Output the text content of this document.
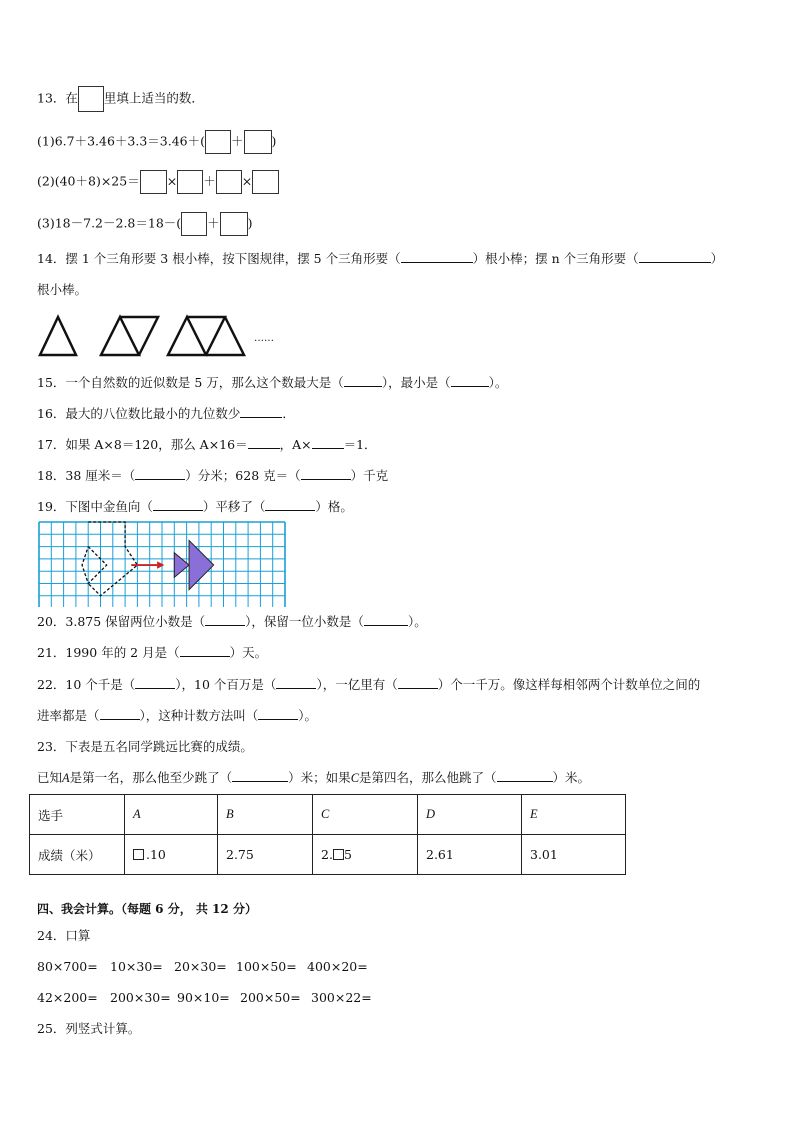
13．在 里填上适当的数．
(1)6.7＋3.46＋3.3＝3.46＋( ＋ )
(2)(40＋8)×25＝ × ＋ ×
(3)18－7.2－2.8＝18－( ＋ )
14．摆 1 个三角形要 3 根小棒，按下图规律，摆 5 个三角形要（	）根小棒；摆 n 个三角形要（	）
根小棒。
……
15．一个自然数的近似数是 5 万，那么这个数最大是（	），最小是（	）。
16．最大的八位数比最小的九位数少	．
17．如果 A×8＝120，那么 A×16＝	，A×	＝1．
18．38 厘米＝（	）分米；628 克＝（	）千克
19．下图中金鱼向（	）平移了（	）格。
20．3.875 保留两位小数是（	），保留一位小数是（	）。
21．1990 年的 2 月是（	）天。
22．10 个千是（	），10 个百万是（	），一亿里有（	）个一千万。像这样每相邻两个计数单位之间的
进率都是（	），这种计数方法叫（	）。
23．下表是五名同学跳远比赛的成绩。
已知A是第一名，那么他至少跳了（	）米；如果C是第四名，那么他跳了（	）米。
选手	A	B	C	D	E
成绩（米）	.10	2.75	2. 5	2.61	3.01
四、我会计算。（每题 6 分， 共 12 分）
24．口算
80×700= 10×30= 20×30= 100×50= 400×20=
42×200= 200×30= 90×10= 200×50= 300×22=
25．列竖式计算。
